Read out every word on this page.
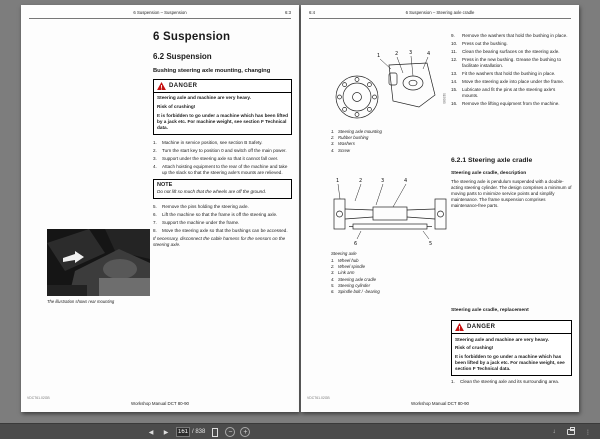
6 Suspension – Suspension	6:3
6 Suspension
6.2 Suspension
Bushing steering axle mounting, changing
! DANGER

Steering axle and machine are very heavy.

Risk of crushing!

It is forbidden to go under a machine which has been lifted by a jack etc. For machine weight, see section F Technical data.

1.	Machine in service position, see section B Safety.
2.	Turn the start key to position 0 and switch off the main power.
3.	Support under the steering axle so that it cannot fall over.
4.	Attach hoisting equipment to the rear of the machine and take up the slack so that the steering axle's mounts are relieved.
NOTE
Do not lift so much that the wheels are off the ground.
5.	Remove the pins holding the steering axle.
6.	Lift the machine so that the frame is off the steering axle.
7.	Support the machine under the frame.
8.	Move the steering axle so that the bushings can be accessed.
If necessary, disconnect the cable harness for the sensors on the steering axle.
The illustration shows rear mounting
VDCT61.02GB
Workshop Manual DCT 80-90
6:4	6 Suspension – Steering axle cradle
9.	Remove the washers that hold the bushing in place.
10.	Press out the bushing.
11.	Clean the bearing surfaces on the steering axle.
12.	Press in the new bushing. Grease the bushing to facilitate installation.
13.	Fit the washers that hold the bushing in place.
14.	Move the steering axle into place under the frame.
15.	Lubricate and fit the pins at the steering axle's mounts.
16.	Remove the lifting equipment from the machine.
1	2 3	4
015080
1. Steering axle mounting
2. Rubber bushing
3. Washers
4. Screw
6.2.1 Steering axle cradle
Steering axle cradle, description
The steering axle is pendulum suspended with a double-acting steering cylinder. The design comprises a minimum of moving parts to minimize service points and simplify maintenance. The frame suspension comprises maintenance-free parts.
1	2	3	4
5
6
Steering axle
1. Wheel hub
2. Wheel spindle
3. Link arm
4. Steering axle cradle
5. Steering cylinder
6. Spindle bolt / -bearing
Steering axle cradle, replacement
! DANGER

Steering axle and machine are very heavy.

Risk of crushing!

It is forbidden to go under a machine which has been lifted by a jack etc. For machine weight, see section F Technical data.

1.	Clean the steering axle and its surrounding area.
VDCT61.02GB
Workshop Manual DCT 80-90
◀	▶
161	/ 838	−	+	↓	⋮
